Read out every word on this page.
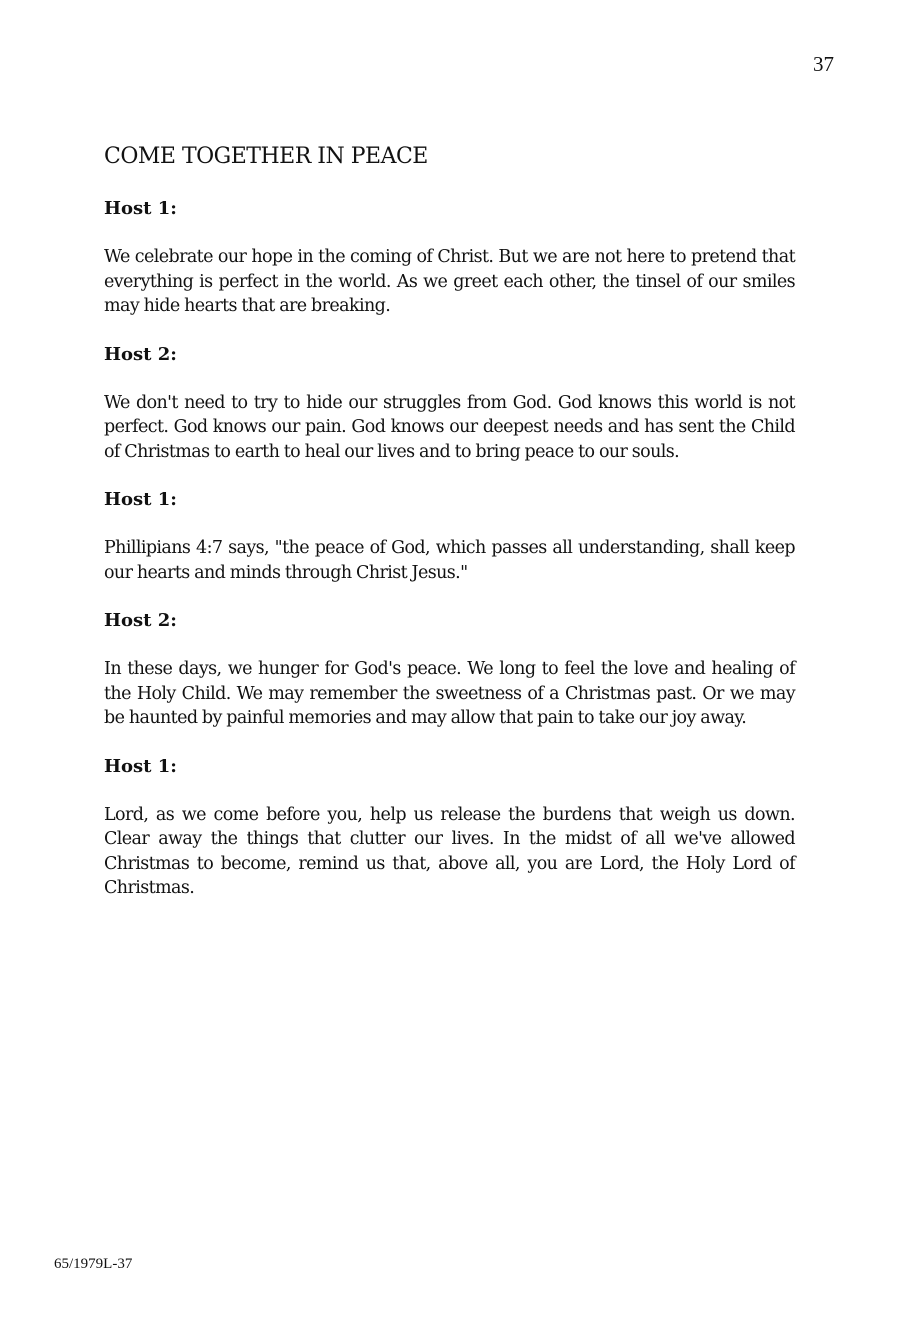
37

COME TOGETHER IN PEACE

Host 1:

We celebrate our hope in the coming of Christ. But we are not here to pretend that everything is perfect in the world. As we greet each other, the tinsel of our smiles may hide hearts that are breaking.

Host 2:

We don't need to try to hide our struggles from God. God knows this world is not perfect. God knows our pain. God knows our deepest needs and has sent the Child of Christmas to earth to heal our lives and to bring peace to our souls.

Host 1:

Phillipians 4:7 says, "the peace of God, which passes all understanding, shall keep our hearts and minds through Christ Jesus."

Host 2:

In these days, we hunger for God's peace. We long to feel the love and healing of the Holy Child. We may remember the sweetness of a Christmas past. Or we may be haunted by painful memories and may allow that pain to take our joy away.

Host 1:

Lord, as we come before you, help us release the burdens that weigh us down. Clear away the things that clutter our lives. In the midst of all we've allowed Christmas to become, remind us that, above all, you are Lord, the Holy Lord of Christmas.

65/1979L-37
